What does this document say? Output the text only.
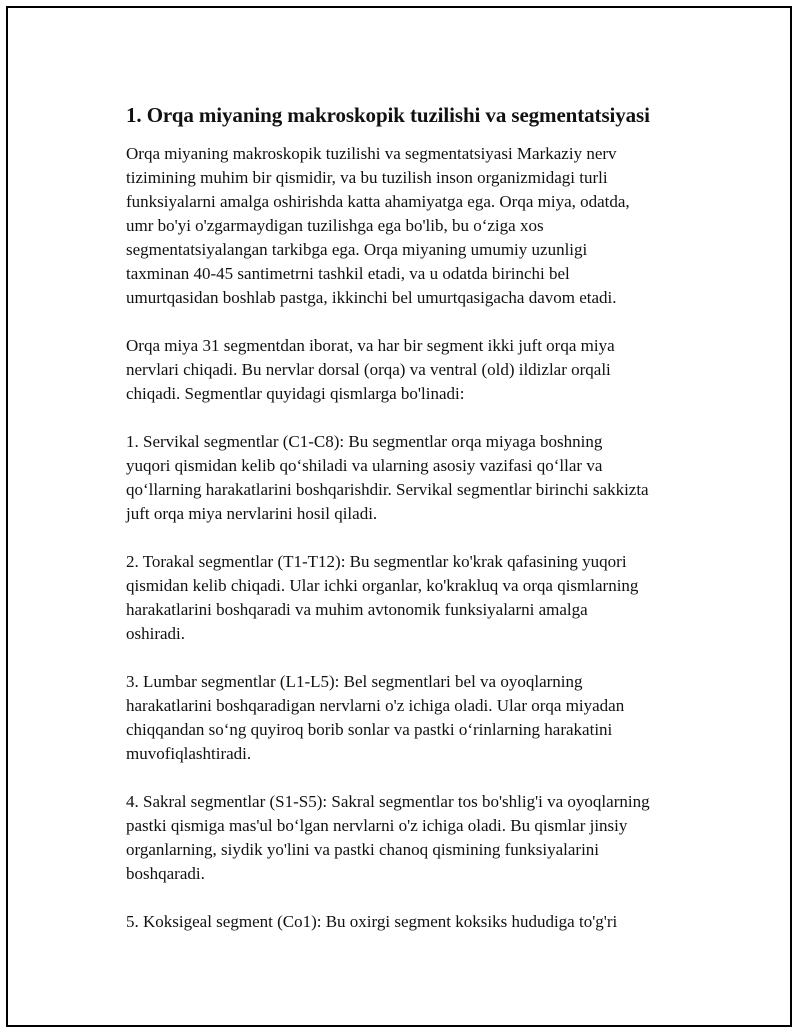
1. Orqa miyaning makroskopik tuzilishi va segmentatsiyasi

Orqa miyaning makroskopik tuzilishi va segmentatsiyasi Markaziy nerv
tizimining muhim bir qismidir, va bu tuzilish inson organizmidagi turli
funksiyalarni amalga oshirishda katta ahamiyatga ega. Orqa miya, odatda,
umr bo'yi o'zgarmaydigan tuzilishga ega bo'lib, bu o‘ziga xos
segmentatsiyalangan tarkibga ega. Orqa miyaning umumiy uzunligi
taxminan 40-45 santimetrni tashkil etadi, va u odatda birinchi bel
umurtqasidan boshlab pastga, ikkinchi bel umurtqasigacha davom etadi.

Orqa miya 31 segmentdan iborat, va har bir segment ikki juft orqa miya
nervlari chiqadi. Bu nervlar dorsal (orqa) va ventral (old) ildizlar orqali
chiqadi. Segmentlar quyidagi qismlarga bo'linadi:

1. Servikal segmentlar (C1-C8): Bu segmentlar orqa miyaga boshning
yuqori qismidan kelib qo‘shiladi va ularning asosiy vazifasi qo‘llar va
qo‘llarning harakatlarini boshqarishdir. Servikal segmentlar birinchi sakkizta
juft orqa miya nervlarini hosil qiladi.

2. Torakal segmentlar (T1-T12): Bu segmentlar ko'krak qafasining yuqori
qismidan kelib chiqadi. Ular ichki organlar, ko'krakluq va orqa qismlarning
harakatlarini boshqaradi va muhim avtonomik funksiyalarni amalga
oshiradi.

3. Lumbar segmentlar (L1-L5): Bel segmentlari bel va oyoqlarning
harakatlarini boshqaradigan nervlarni o'z ichiga oladi. Ular orqa miyadan
chiqqandan so‘ng quyiroq borib sonlar va pastki o‘rinlarning harakatini
muvofiqlashtiradi.

4. Sakral segmentlar (S1-S5): Sakral segmentlar tos bo'shlig'i va oyoqlarning
pastki qismiga mas'ul bo‘lgan nervlarni o'z ichiga oladi. Bu qismlar jinsiy
organlarning, siydik yo'lini va pastki chanoq qismining funksiyalarini
boshqaradi.

5. Koksigeal segment (Co1): Bu oxirgi segment koksiks hududiga to'g'ri
